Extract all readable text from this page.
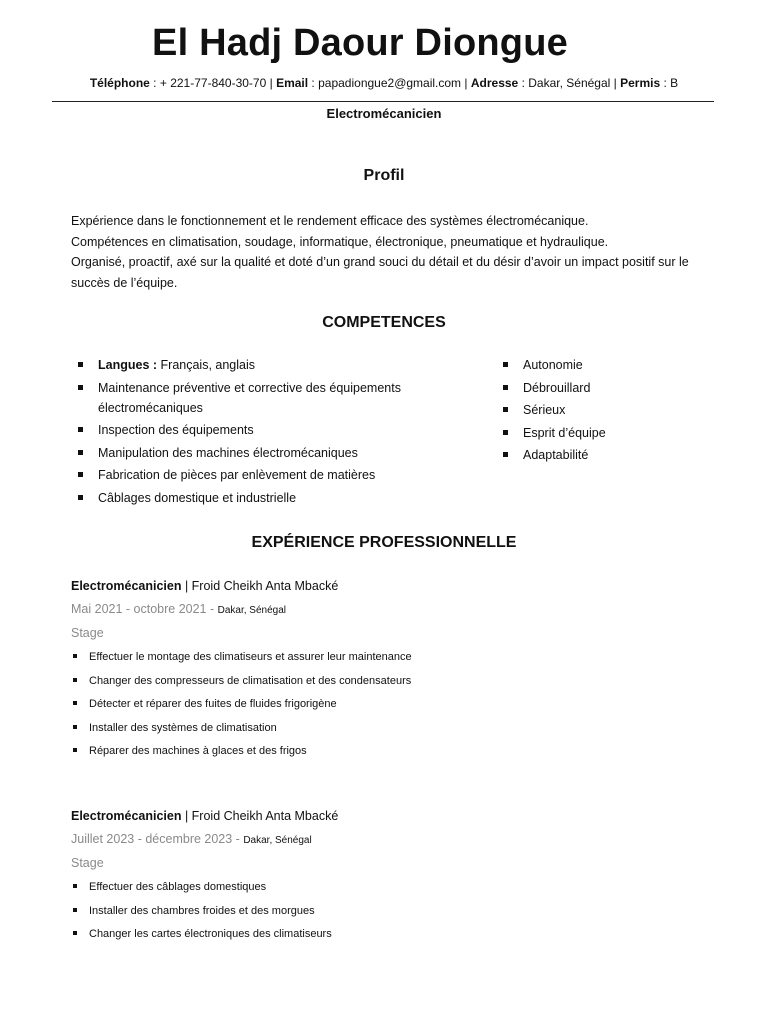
El Hadj Daour Diongue
Téléphone : + 221-77-840-30-70 | Email : papadiongue2@gmail.com | Adresse : Dakar, Sénégal | Permis : B
Electromécanicien
Profil

Expérience dans le fonctionnement et le rendement efficace des systèmes électromécanique.

Compétences en climatisation, soudage, informatique, électronique, pneumatique et hydraulique.

Organisé, proactif, axé sur la qualité et doté d’un grand souci du détail et du désir d’avoir un impact positif sur le succès de l’équipe.

COMPETENCES
Langues : Français, anglais
Maintenance préventive et corrective des équipements électromécaniques
Inspection des équipements
Manipulation des machines électromécaniques
Fabrication de pièces par enlèvement de matières
Câblages domestique et industrielle
Autonomie
Débrouillard
Sérieux
Esprit d’équipe
Adaptabilité
EXPÉRIENCE PROFESSIONNELLE
Electromécanicien | Froid Cheikh Anta Mbacké
Mai 2021 - octobre 2021 - Dakar, Sénégal
Stage
Effectuer le montage des climatiseurs et assurer leur maintenance
Changer des compresseurs de climatisation et des condensateurs
Détecter et réparer des fuites de fluides frigorigène
Installer des systèmes de climatisation
Réparer des machines à glaces et des frigos
Electromécanicien | Froid Cheikh Anta Mbacké
Juillet 2023 - décembre 2023 - Dakar, Sénégal
Stage
Effectuer des câblages domestiques
Installer des chambres froides et des morgues
Changer les cartes électroniques des climatiseurs
